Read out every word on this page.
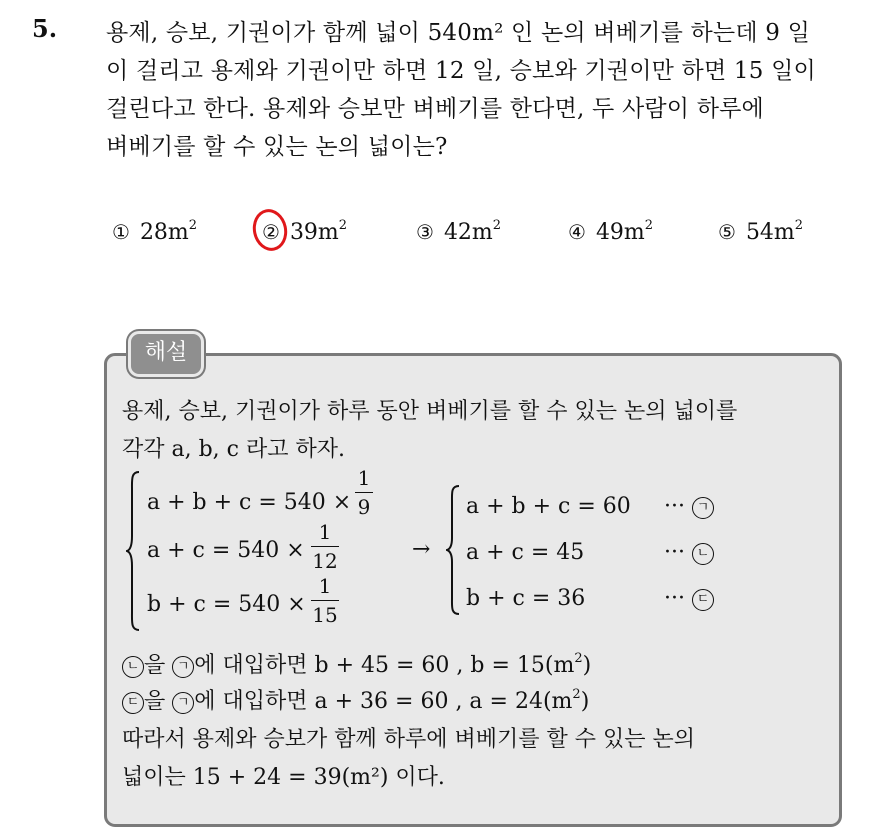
5. 용제, 승보, 기권이가 함께 넓이 540m² 인 논의 벼베기를 하는데 9 일
이 걸리고 용제와 기권이만 하면 12 일, 승보와 기권이만 하면 15 일이
걸린다고 한다. 용제와 승보만 벼베기를 한다면, 두 사람이 하루에
벼베기를 할 수 있는 논의 넓이는?
① $28m^2$	② $39m^2$	③ $42m^2$	④ $49m^2$	⑤ $54m^2$
해설
용제, 승보, 기권이가 하루 동안 벼베기를 할 수 있는 논의 넓이를
각각 a, b, c 라고 하자.
a + b + c = 540 ×
1
9
a + c = 540 ×
1
12
b + c = 540 ×
1
15
→
a + b + c = 60
a + c = 45
b + c = 36
··· ㄱ
··· ㄴ
··· ㄷ
ㄴ 을 ㄱ 에 대입하면 b + 45 = 60 , $b = 15(m^2)$
ㄷ 을 ㄱ 에 대입하면 a + 36 = 60 , $a = 24(m^2)$
따라서 용제와 승보가 함께 하루에 벼베기를 할 수 있는 논의
넓이는 15 + 24 = 39(m²) 이다.
